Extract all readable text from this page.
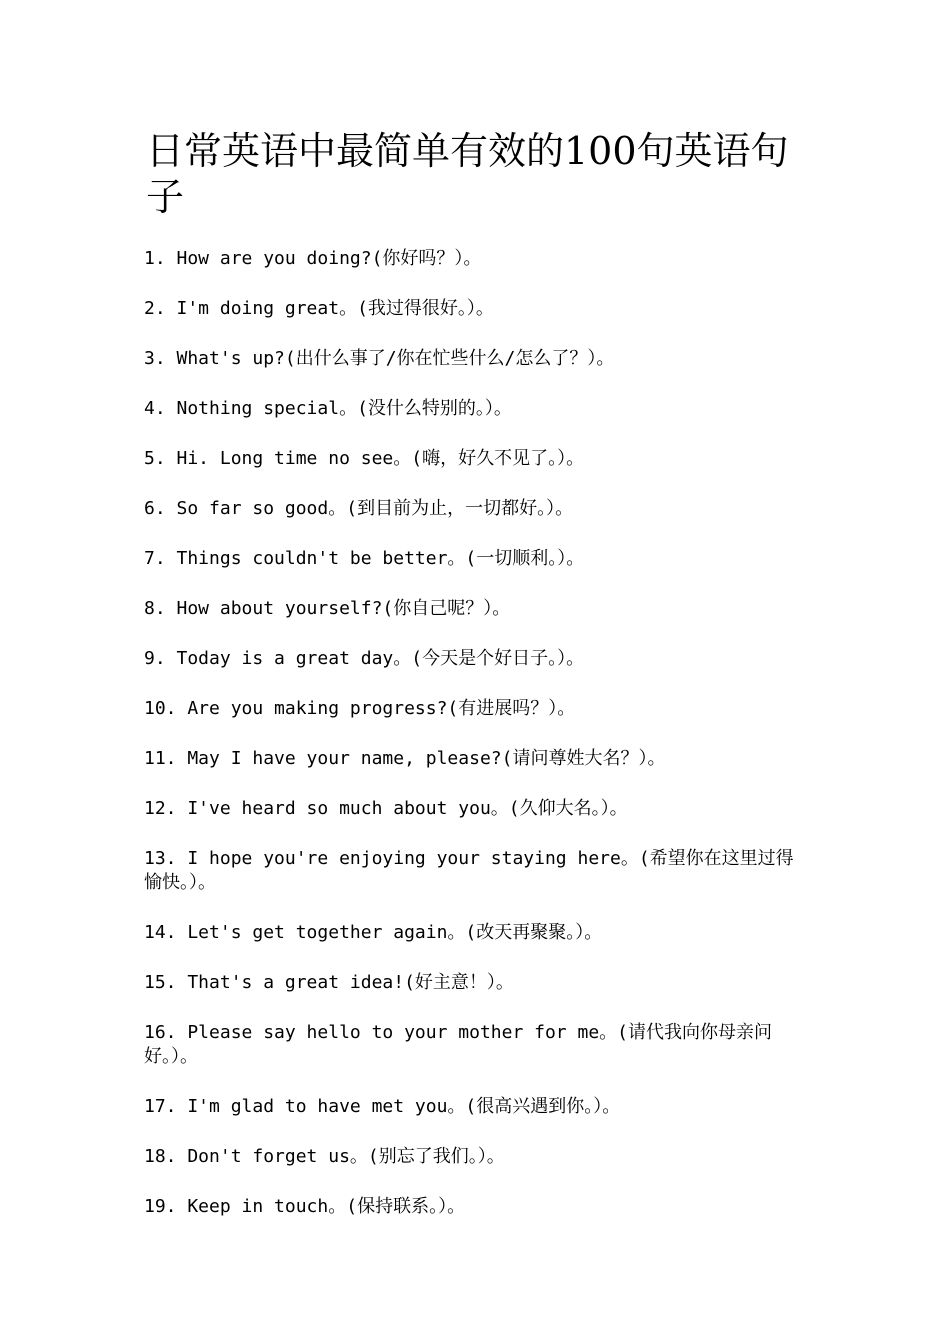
日常英语中最简单有效的100句英语句子
1. How are you doing?(你好吗？）。
2. I'm doing great。(我过得很好。）。
3. What's up?(出什么事了/你在忙些什么/怎么了？）。
4. Nothing special。(没什么特别的。）。
5. Hi. Long time no see。(嗨，好久不见了。）。
6. So far so good。(到目前为止，一切都好。）。
7. Things couldn't be better。(一切顺利。）。
8. How about yourself?(你自己呢？）。
9. Today is a great day。(今天是个好日子。）。
10. Are you making progress?(有进展吗？）。
11. May I have your name, please?(请问尊姓大名？）。
12. I've heard so much about you。(久仰大名。）。
13. I hope you're enjoying your staying here。(希望你在这里过得愉快。）。
14. Let's get together again。(改天再聚聚。）。
15. That's a great idea!(好主意！）。
16. Please say hello to your mother for me。(请代我向你母亲问好。）。
17. I'm glad to have met you。(很高兴遇到你。）。
18. Don't forget us。(别忘了我们。）。
19. Keep in touch。(保持联系。）。
